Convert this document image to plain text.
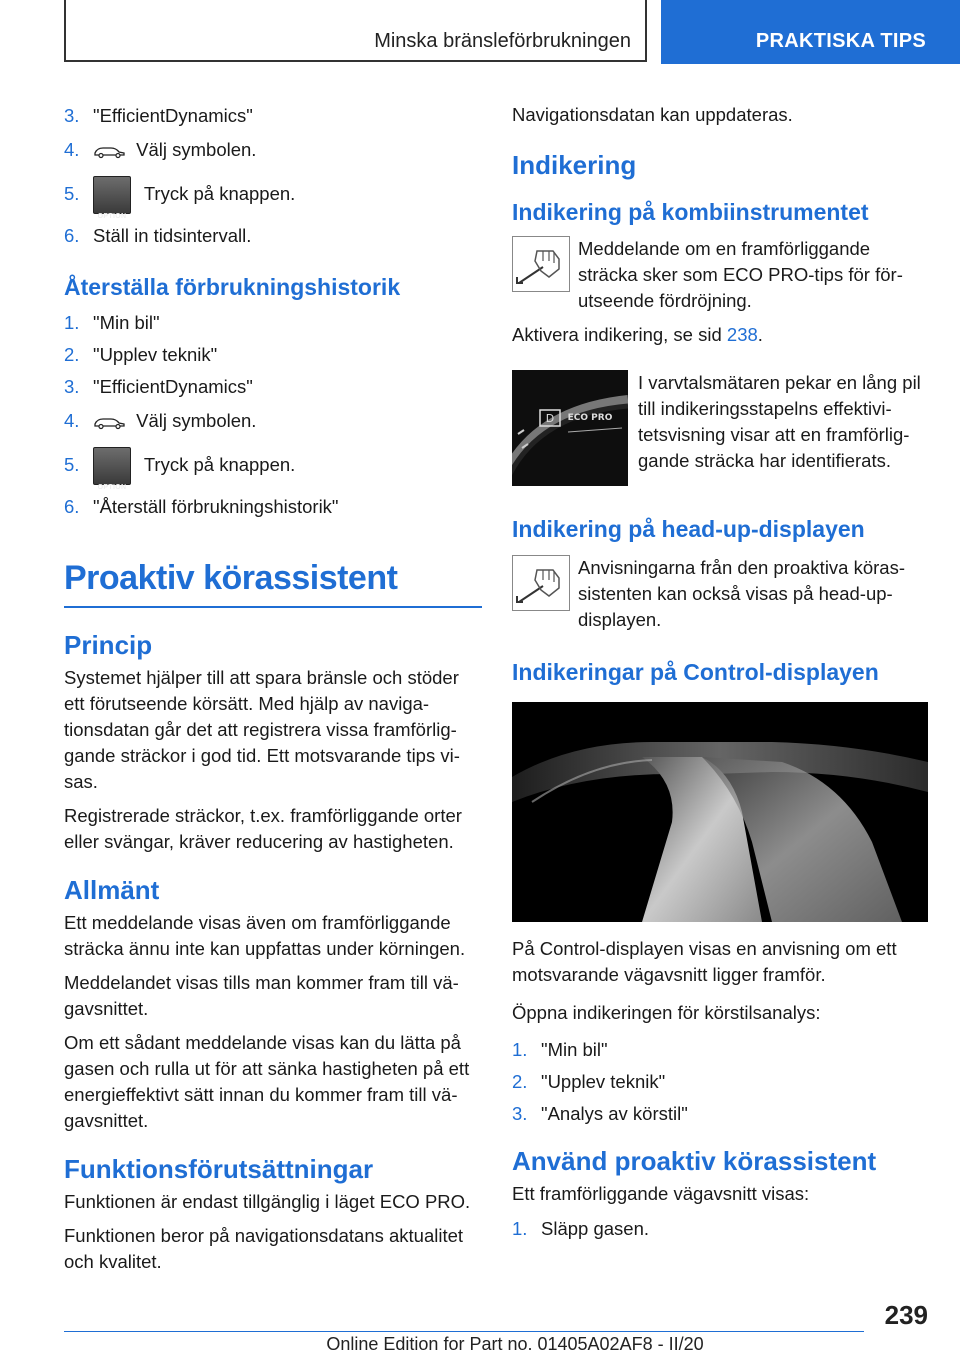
Minska bränsleförbrukningen	PRAKTISKA TIPS
3. "EfficientDynamics"
4.	Välj symbolen.
5.
OPTION
Tryck på knappen.
6. Ställ in tidsintervall.
Återställa förbrukningshistorik
1. "Min bil"
2. "Upplev teknik"
3. "EfficientDynamics"
4.	Välj symbolen.
5.
OPTION
Tryck på knappen.
6. "Återställ förbrukningshistorik"
Proaktiv körassistent
Princip

Systemet hjälper till att spara bränsle och stöder ett förutseende körsätt. Med hjälp av navigationsdatan går det att registrera vissa framförliggande sträckor i god tid. Ett motsvarande tips visas.

Registrerade sträckor, t.ex. framförliggande orter eller svängar, kräver reducering av hastigheten.

Allmänt

Ett meddelande visas även om framförliggande sträcka ännu inte kan uppfattas under körningen.

Meddelandet visas tills man kommer fram till vägavsnittet.

Om ett sådant meddelande visas kan du lätta på gasen och rulla ut för att sänka hastigheten på ett energieffektivt sätt innan du kommer fram till vägavsnittet.

Funktionsförutsättningar

Funktionen är endast tillgänglig i läget ECO PRO.

Funktionen beror på navigationsdatans aktualitet och kvalitet.

Navigationsdatan kan uppdateras.

Indikering
Indikering på kombiinstrumentet

Meddelande om en framförliggande sträcka sker som ECO PRO-tips för förutseende fördröjning.

Aktivera indikering, se sid 238.

D ECO PRO

I varvtalsmätaren pekar en lång pil till indikeringsstapelns effektivitetsvisning visar att en framförliggande sträcka har identifierats.

Indikering på head-up-displayen

Anvisningarna från den proaktiva körassistenten kan också visas på head-up-displayen.

Indikeringar på Control-displayen

På Control-displayen visas en anvisning om ett motsvarande vägavsnitt ligger framför.

Öppna indikeringen för körstilsanalys:

1. "Min bil"
2. "Upplev teknik"
3. "Analys av körstil"
Använd proaktiv körassistent

Ett framförliggande vägavsnitt visas:

1. Släpp gasen.
239
Online Edition for Part no. 01405A02AF8 - II/20
